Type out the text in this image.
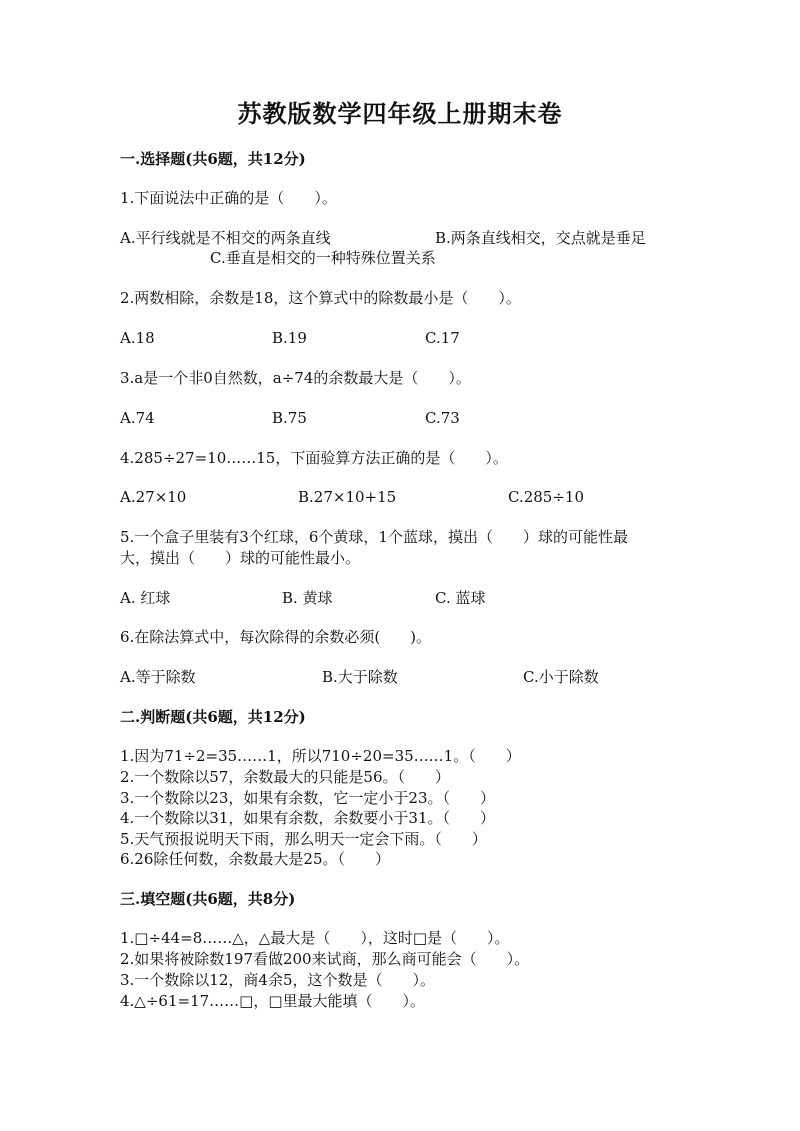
苏教版数学四年级上册期末卷
一.选择题(共6题，共12分)
1.下面说法中正确的是（　　）。
A.平行线就是不相交的两条直线	B.两条直线相交，交点就是垂足
C.垂直是相交的一种特殊位置关系
2.两数相除，余数是18，这个算式中的除数最小是（　　）。
A.18	B.19	C.17
3.a是一个非0自然数，a÷74的余数最大是（　　）。
A.74	B.75	C.73
4.285÷27=10……15，下面验算方法正确的是（　　）。
A.27×10	B.27×10+15	C.285÷10
5.一个盒子里装有3个红球，6个黄球，1个蓝球，摸出（　　）球的可能性最
大，摸出（　　）球的可能性最小。
A. 红球	B. 黄球	C. 蓝球
6.在除法算式中，每次除得的余数必须(　　)。
A.等于除数	B.大于除数	C.小于除数
二.判断题(共6题，共12分)
1.因为71÷2=35……1，所以710÷20=35……1。（　　）
2.一个数除以57，余数最大的只能是56。（　　）
3.一个数除以23，如果有余数，它一定小于23。（　　）
4.一个数除以31，如果有余数，余数要小于31。（　　）
5.天气预报说明天下雨，那么明天一定会下雨。（　　）
6.26除任何数，余数最大是25。（　　）
三.填空题(共6题，共8分)
1.□÷44=8……△，△最大是（　　），这时□是（　　）。
2.如果将被除数197看做200来试商，那么商可能会（　　）。
3.一个数除以12，商4余5，这个数是（　　）。
4.△÷61=17……□，□里最大能填（　　）。
